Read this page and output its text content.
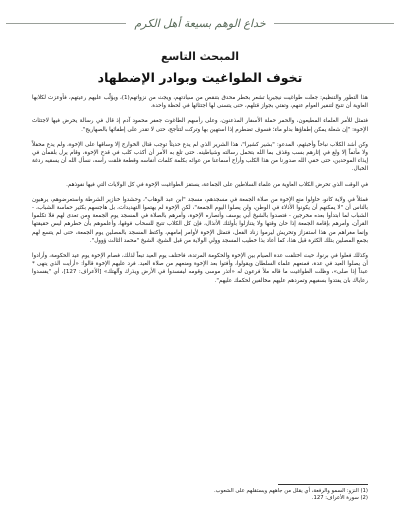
خداع الوهم بسيعة أهل الكرم
المبحث التاسع
تخوف الطواغيت وبوادر الإضطهاد

هذا التطور والتنظيم: جعلت طواغيت نيجيريا تشعر بخطر محدق بتنقص من سيادتهم، ويجث من نزواتهم(1)، ويؤلّب عليهم رعيتهم، فأوعزت لكلابها العاوية أن تتبح لتنفير العوام عنهم، وتفتي بجواز قتلهم، حتى يتسنى لها اجتثاثها في لحظة واحدة.

فتمثل للأمر العلماء المطيعون، والحمر حملة الأسفار المذعنون، وعلى رأسهم الطاغوت جعفر محمود آدم إذ قال في رسالة يحرض فيها لاجتثاث الإخوة: "إن شعلة يمكن إطفاؤها بدلو ماء؛ فسوف تضطرم إذا استهين بها وتركت لتتأجج، حتى لا تقدر على إطفائها بالصهاريج".

وكن أشد الكلاب نباحاً وأخبثهم، المدعو: "بشير كشيرا"، هذا الشرير الذي لم يدع حديثاً توجب قتال الخوارج إلا وساقها على الإخوة، ولم يدع محفلاً ولا مأتماً إلا ولغ في إثارهم بسب وقذف بما الله بتحمل رسالته وشياطينه. حتى تلغ به الأمر أن أكذب كلب في قدح الإخوة، وقام يرل بلقمأن في إيذاء الموحدين، حتى خفي الله صدورنا من هذا الكلب وأراح أسماعنا من عوائه بكلمة كلمات أنفاسه وقطعة فلقت رأسه، نسأل الله أن يسقيه ردغة الخبال.

في الوقت الذي تحرض الكلاب العاوية من علماء السلاطين على الجماعة، يستفز الطواغيت الإخوة في كل الولايات التي فيها نفوذهم.

فمثلاً في ولاية كانو، حاولوا منع الإخوة من صلاة الجمعة في مسجدهم، مسجد "ابن عبد الوهاب"، وحشدوا خنازير الشرطة واستعرضوهم، يرهبون بالناس أن "لا يمكنهم أن يكونوا الأذلاء في الوطن، ولن يصلوا اليوم الجمعة"، لكن الإخوة لم يهتموا التهديدات، بل هاجسهم بكثير حماسة الشباب، - الشباب لما ابتدأوا بعده مخرجين - فتصدوا بالشيخ أبي يوسف وأنصاره الإخوة، وأمرهم بالصلاة في المسجد يوم الجمعة ومن تعدى لهم فلا تكلموا القرآن، وأمرهم بإقامة الجمعة إذا حان وقتها ولا يتنازلوا بأولئك الأنذال، فإن كل الكلاب تتبح للسحاب فوقها، وأعلموهم بأن خطرهم ليس حقيقتها وإنما مغراهم من هذا استفزاز وتحريش ليرموا زناد الفعل، فتمثل الإخوة لأوامر إمامهم، واكتظ المسجد بالمصلين يوم الجمعة، حتى لم يتسع لهم بجمع المصلين بتلك الكثرة قبل هذا، كما أعاد بذا خطيب المسجد وولي الولاية من قبل الشيخ، الشيخ "محمد الثالث ؤوول".

وكذلك فعلوا في برنوا، حيث اختلفت عدة الصيام بين الإخوة والحكومة المرتدة، فاختلف يوم العيد تبعاً لذلك، فصام الإخوة يوم عيد الحكومة، وأرادوا أن يصلوا العيد في عدة، فمنعهم علماء السلطان ويقولوا، وأفتوا بعد الإخوة ومنعهم من صلاة العيد. فرد عليهم الإخوة قالوا: «أرأيت الذي ينهى * عبداً إذا صلى»، وظلت الطواغيت ما قاله ملأ فرعون له «أتذر موسى وقومه ليفسدوا في الأرض ويذرك وآلهتك» [الأعراف: 127]، أي "يفسدوا رعاياك بان يفتدوا بسفيهم وتمردهم عليهم مخالفين لحكمك عليهم".

(1) النزو: السمو والرفعة، أي يقلل من جاههم ويستقلهم على الشعوب.
(2) سورة الأعراف: 127.
